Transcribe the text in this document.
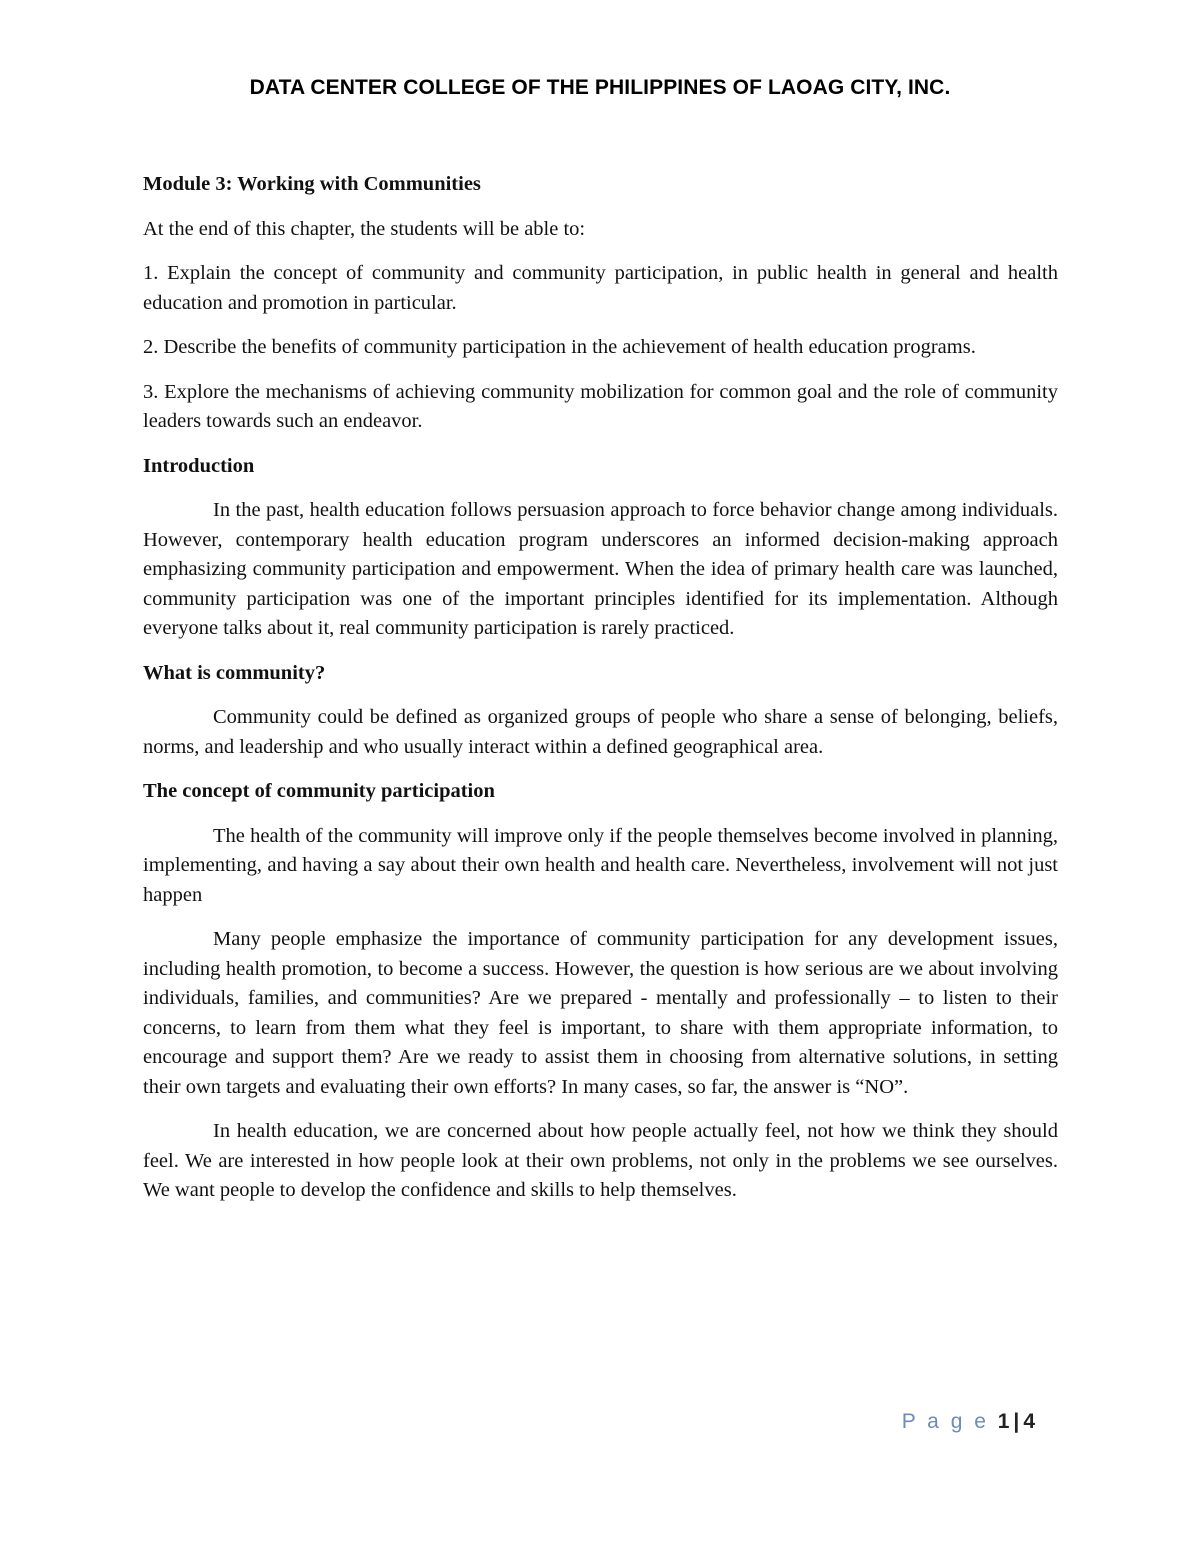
DATA CENTER COLLEGE OF THE PHILIPPINES OF LAOAG CITY, INC.

Module 3: Working with Communities

At the end of this chapter, the students will be able to:

1. Explain the concept of community and community participation, in public health in general and health education and promotion in particular.

2. Describe the benefits of community participation in the achievement of health education programs.

3. Explore the mechanisms of achieving community mobilization for common goal and the role of community leaders towards such an endeavor.

Introduction

In the past, health education follows persuasion approach to force behavior change among individuals. However, contemporary health education program underscores an informed decision-making approach emphasizing community participation and empowerment. When the idea of primary health care was launched, community participation was one of the important principles identified for its implementation. Although everyone talks about it, real community participation is rarely practiced.

What is community?

Community could be defined as organized groups of people who share a sense of belonging, beliefs, norms, and leadership and who usually interact within a defined geographical area.

The concept of community participation

The health of the community will improve only if the people themselves become involved in planning, implementing, and having a say about their own health and health care. Nevertheless, involvement will not just happen

Many people emphasize the importance of community participation for any development issues, including health promotion, to become a success. However, the question is how serious are we about involving individuals, families, and communities? Are we prepared - mentally and professionally – to listen to their concerns, to learn from them what they feel is important, to share with them appropriate information, to encourage and support them? Are we ready to assist them in choosing from alternative solutions, in setting their own targets and evaluating their own efforts? In many cases, so far, the answer is “NO”.

In health education, we are concerned about how people actually feel, not how we think they should feel. We are interested in how people look at their own problems, not only in the problems we see ourselves. We want people to develop the confidence and skills to help themselves.

P a g e 1 | 4
